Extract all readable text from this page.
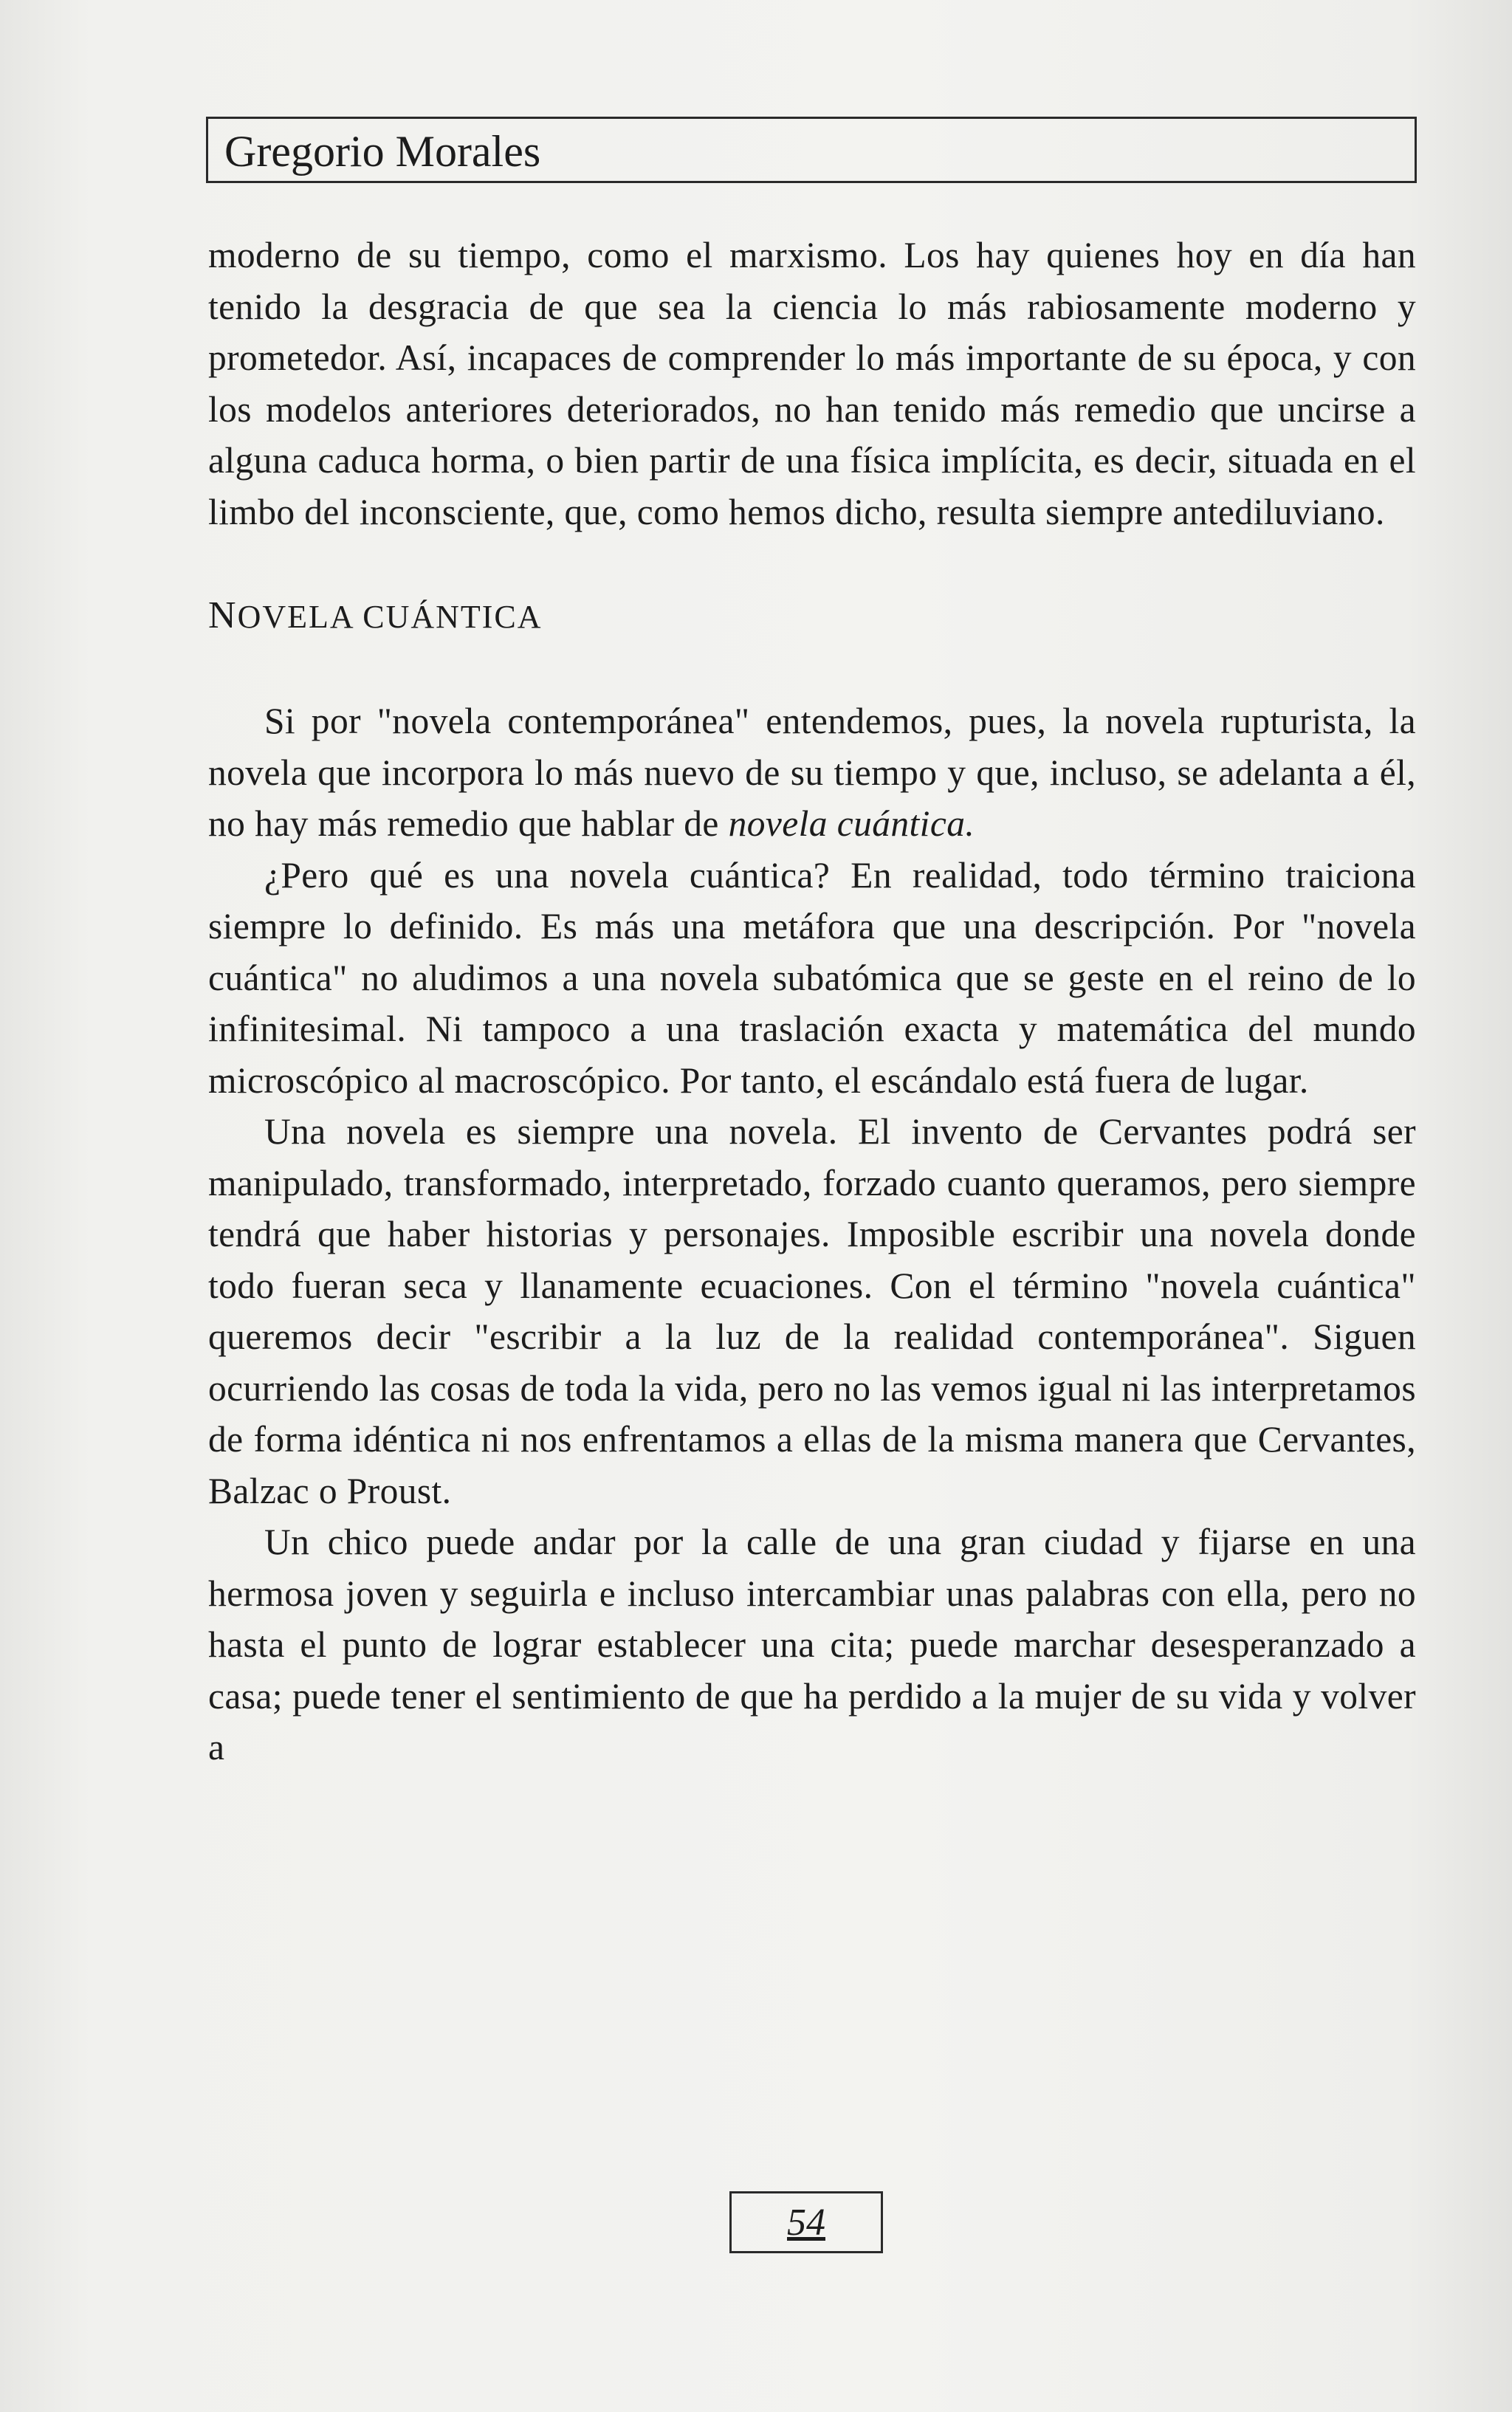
Gregorio Morales

moderno de su tiempo, como el marxismo. Los hay quienes hoy en día han tenido la desgracia de que sea la ciencia lo más rabiosamente moderno y prometedor. Así, incapaces de comprender lo más importante de su época, y con los modelos anteriores deteriorados, no han tenido más remedio que uncirse a alguna caduca horma, o bien partir de una física implícita, es decir, situada en el limbo del inconsciente, que, como hemos dicho, resulta siempre antediluviano.

NOVELA CUÁNTICA

Si por "novela contemporánea" entendemos, pues, la novela rupturista, la novela que incorpora lo más nuevo de su tiempo y que, incluso, se adelanta a él, no hay más remedio que hablar de novela cuántica.

¿Pero qué es una novela cuántica? En realidad, todo término traiciona siempre lo definido. Es más una metáfora que una descripción. Por "novela cuántica" no aludimos a una novela subatómica que se geste en el reino de lo infinitesimal. Ni tampoco a una traslación exacta y matemática del mundo microscópico al macroscópico. Por tanto, el escándalo está fuera de lugar.

Una novela es siempre una novela. El invento de Cervantes podrá ser manipulado, transformado, interpretado, forzado cuanto queramos, pero siempre tendrá que haber historias y personajes. Imposible escribir una novela donde todo fueran seca y llanamente ecuaciones. Con el término "novela cuántica" queremos decir "escribir a la luz de la realidad contemporánea". Siguen ocurriendo las cosas de toda la vida, pero no las vemos igual ni las interpretamos de forma idéntica ni nos enfrentamos a ellas de la misma manera que Cervantes, Balzac o Proust.

Un chico puede andar por la calle de una gran ciudad y fijarse en una hermosa joven y seguirla e incluso intercambiar unas palabras con ella, pero no hasta el punto de lograr establecer una cita; puede marchar desesperanzado a casa; puede tener el sentimiento de que ha perdido a la mujer de su vida y volver a

54
